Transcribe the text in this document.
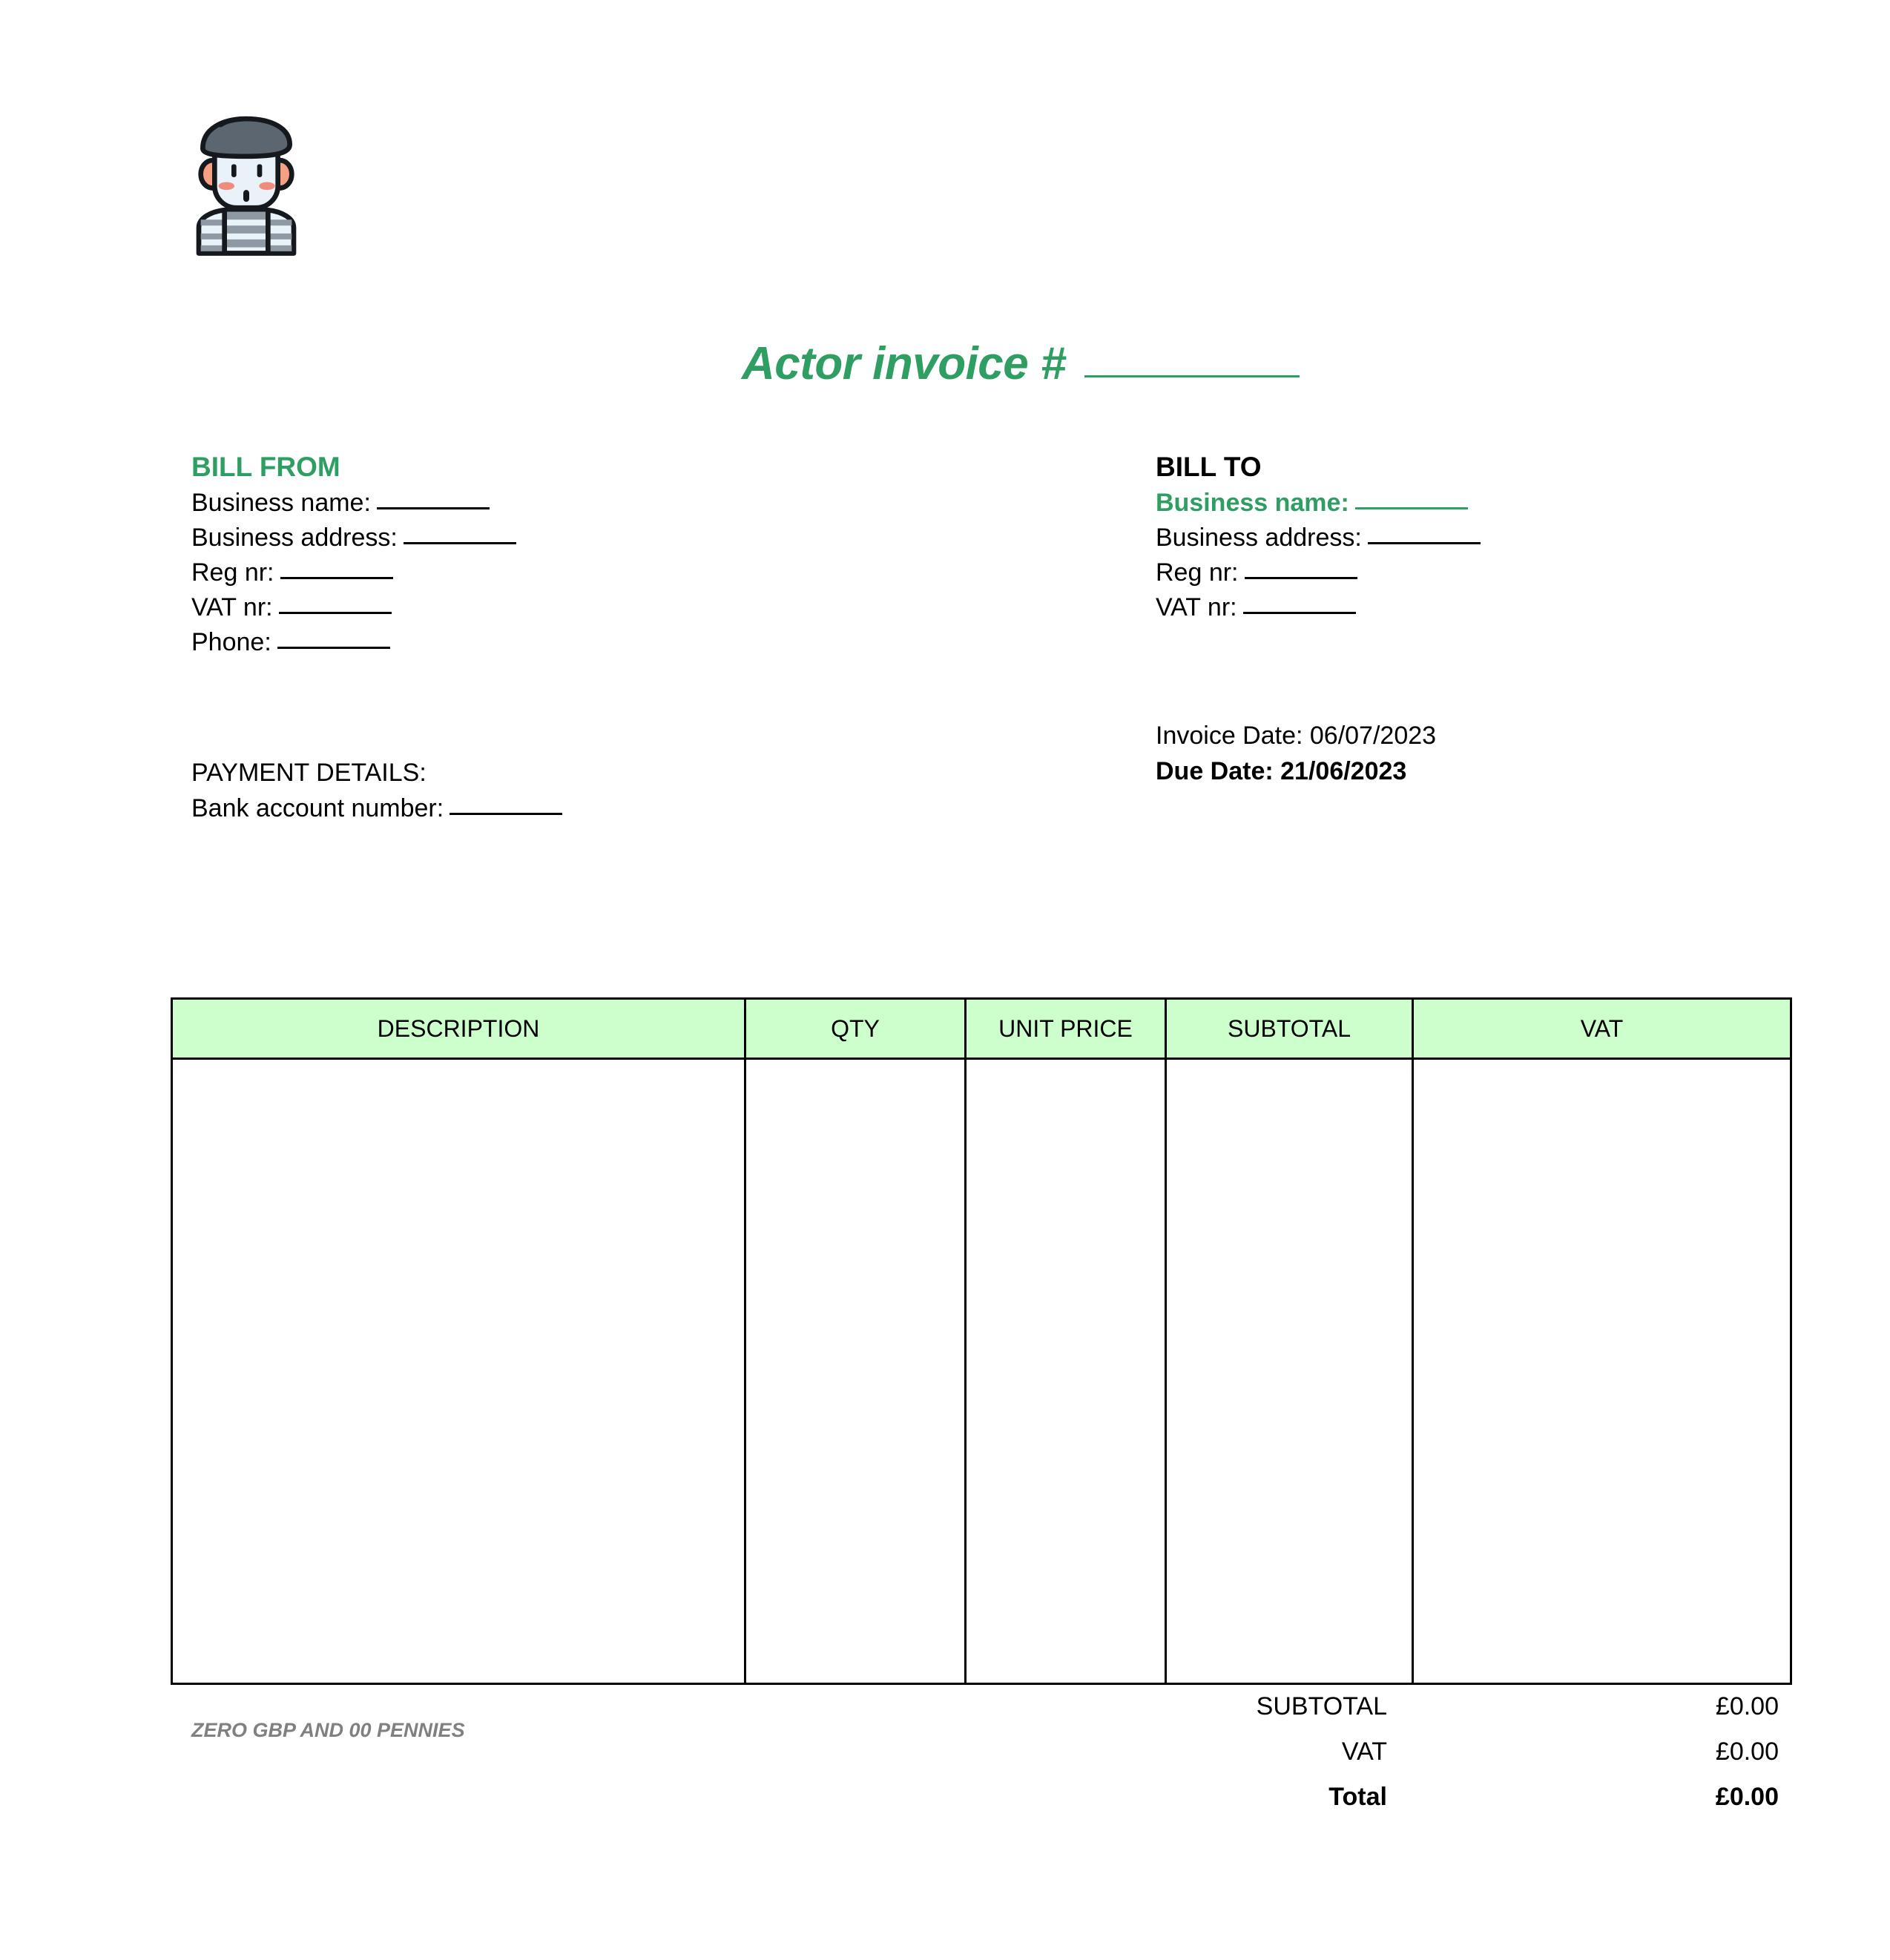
Actor invoice #
BILL FROM
Business name:
Business address:
Reg nr:
VAT nr:
Phone:
BILL TO
Business name:
Business address:
Reg nr:
VAT nr:
Invoice Date: 06/07/2023
Due Date: 21/06/2023
PAYMENT DETAILS:
Bank account number:
DESCRIPTION	QTY	UNIT PRICE	SUBTOTAL	VAT

SUBTOTAL	£0.00
VAT	£0.00
Total	£0.00
ZERO GBP AND 00 PENNIES
